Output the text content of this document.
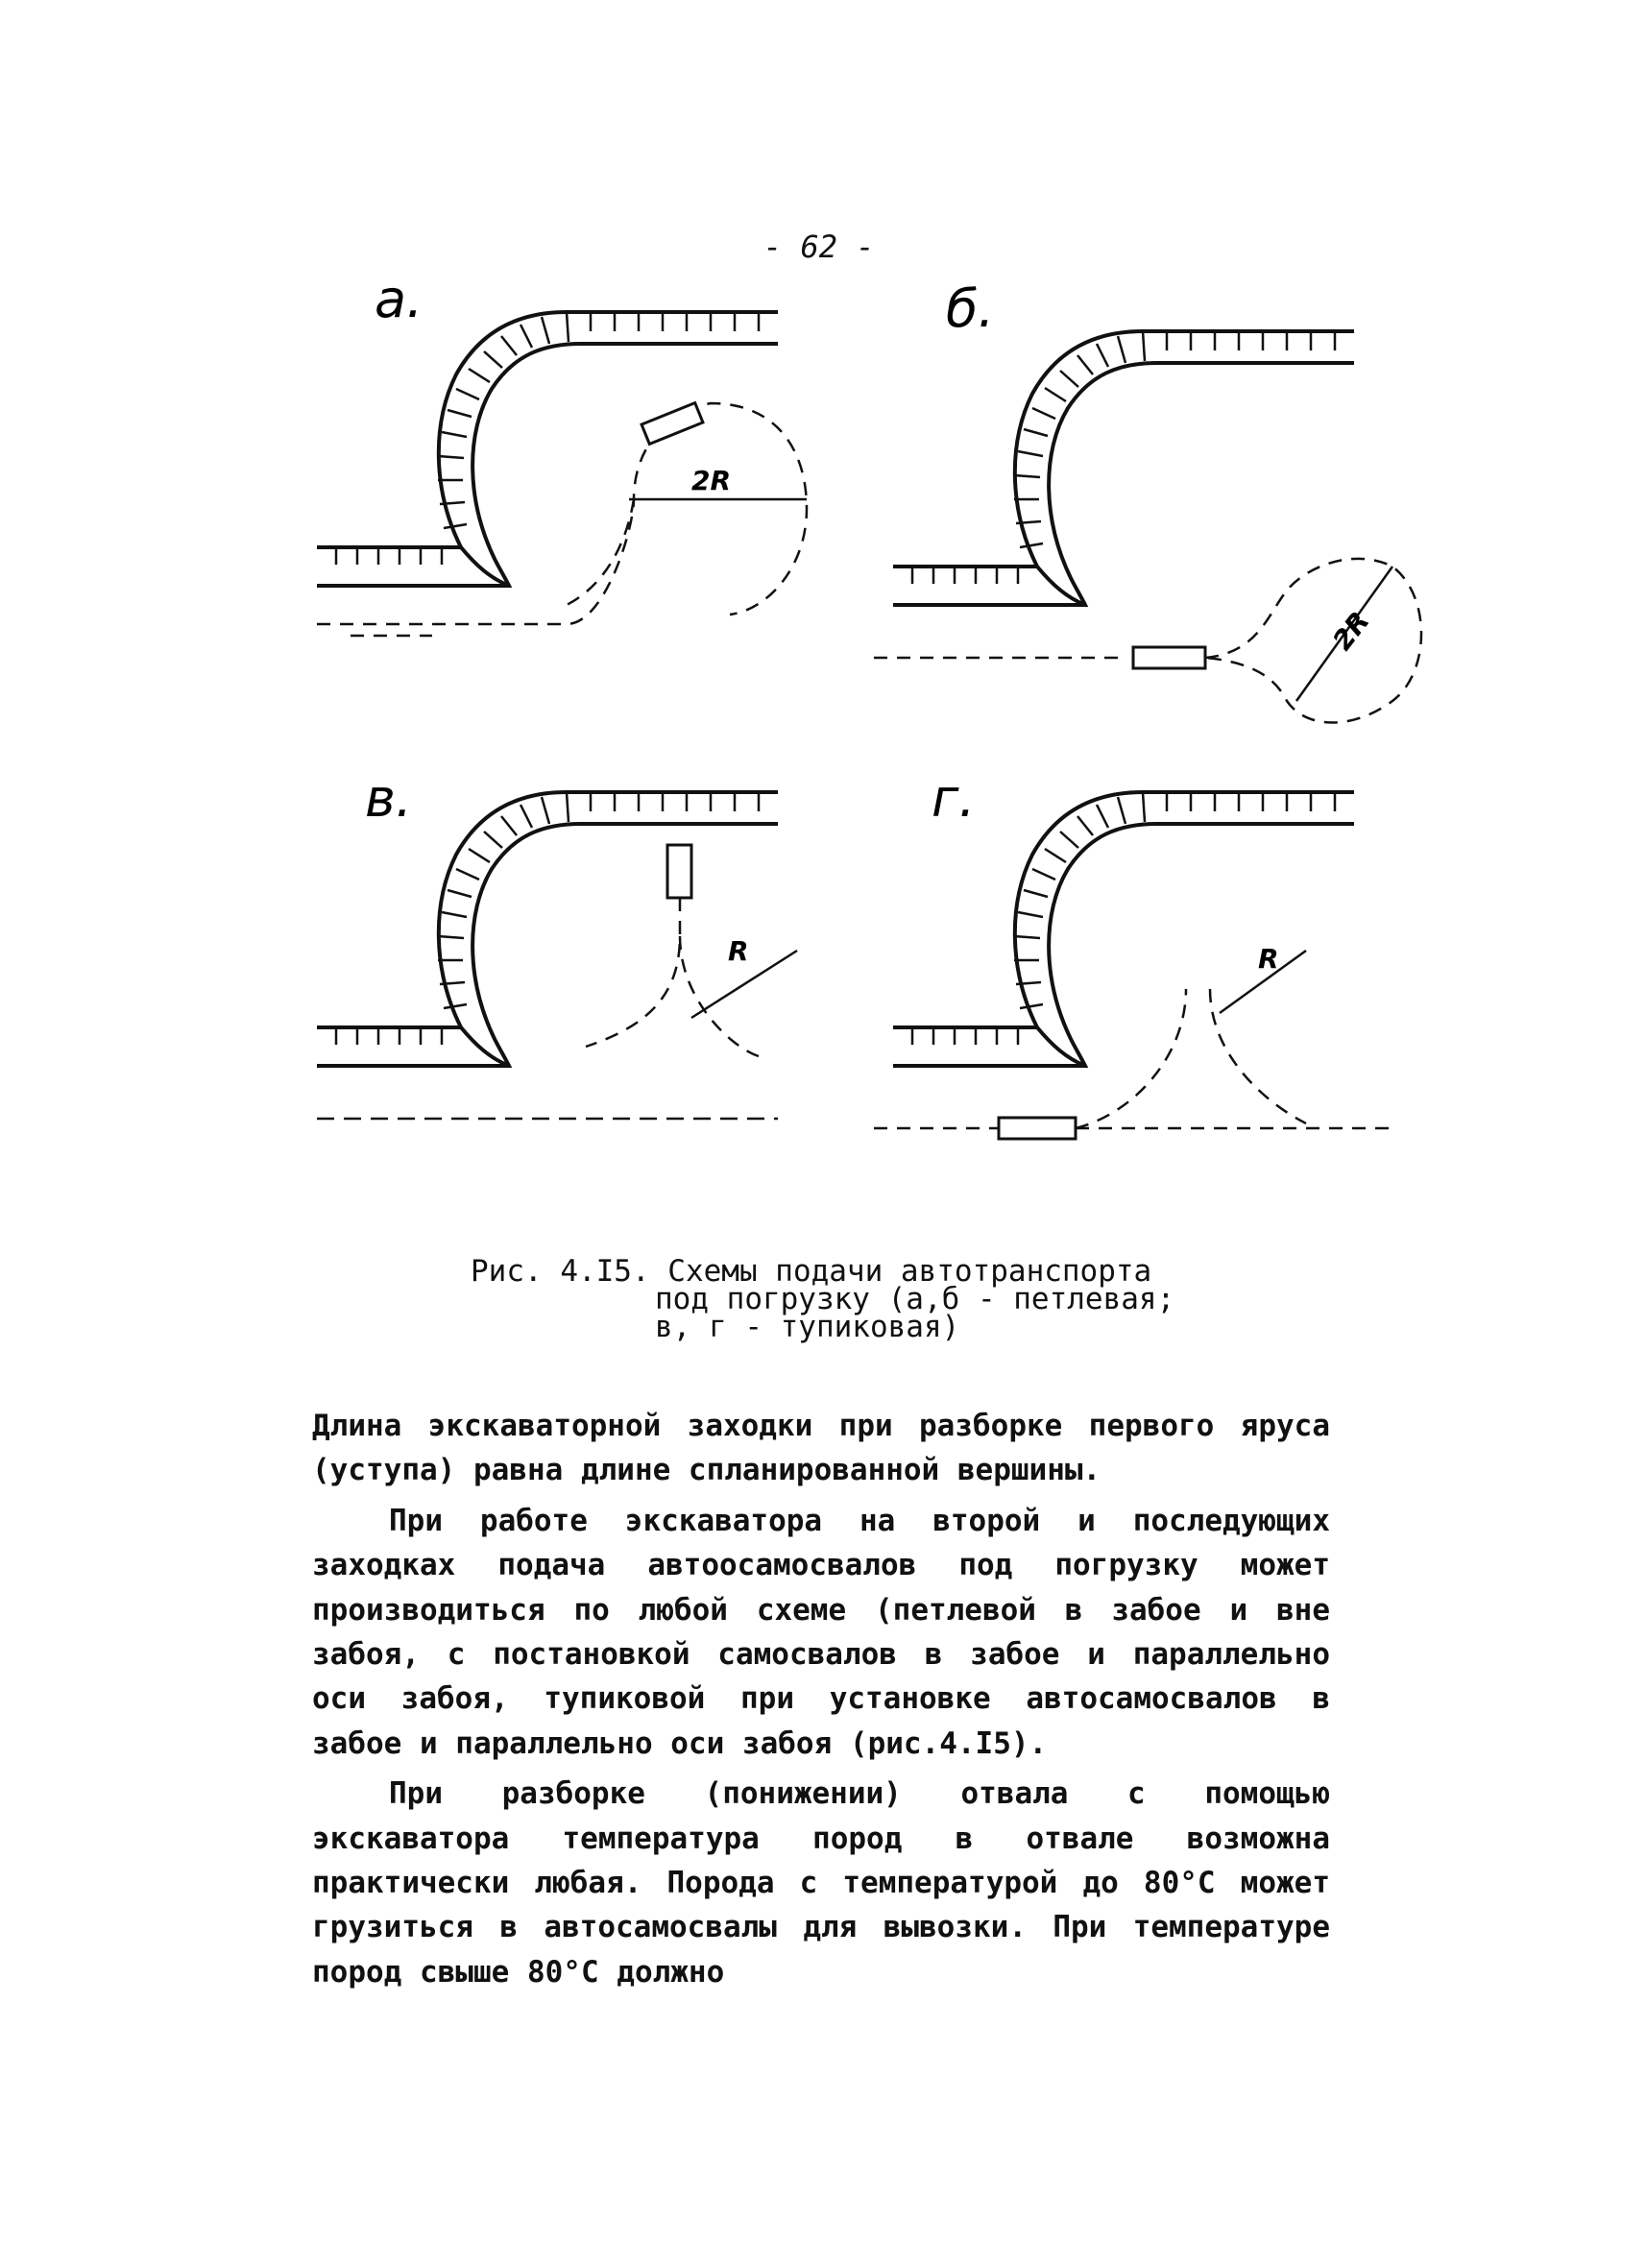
- 62 -
а.
2R
б.
2R
в.
R
г.
R
Рис. 4.I5. Схемы подачи автотранспорта
под погрузку (а,б - петлевая;
в, г - тупиковая)

Длина экскаваторной заходки при разборке первого яруса (уступа) равна длине спланированной вершины.

При работе экскаватора на второй и последующих заходках подача автоосамосвалов под погрузку может производиться по любой схеме (петлевой в забое и вне забоя, с постановкой самосвалов в забое и параллельно оси забоя, тупиковой при установке автосамосвалов в забое и параллельно оси забоя (рис.4.I5).

При разборке (понижении) отвала с помощью экскаватора температура пород в отвале возможна практически любая. Порода с температурой до 80°С может грузиться в автосамосвалы для вывозки. При температуре пород свыше 80°С должно
